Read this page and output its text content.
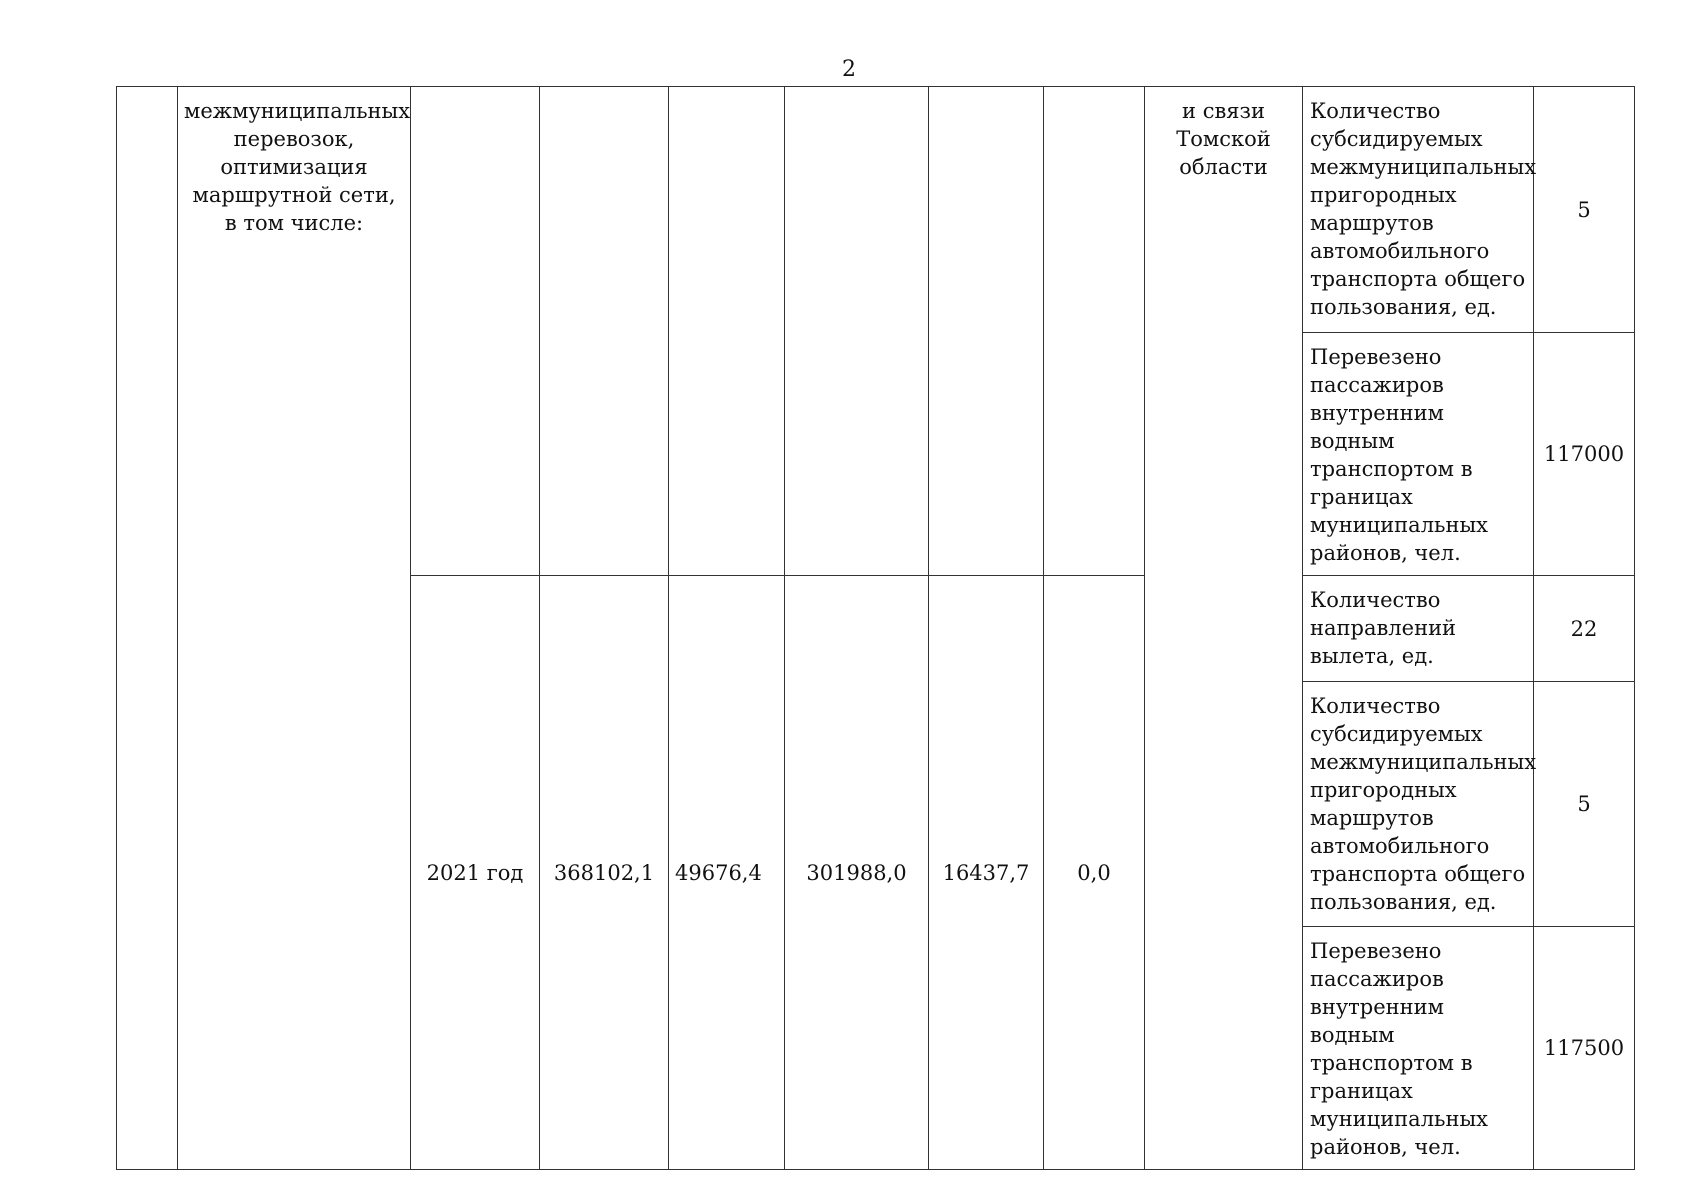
2
	межмуниципальных перевозок, оптимизация маршрутной сети, в том числе:							и связи Томской области	Количество субсидируемых межмуниципальных пригородных маршрутов автомобильного транспорта общего пользования, ед.	5
									Перевезено пассажиров внутренним водным транспортом в границах муниципальных районов, чел.	117000
		2021 год	368102,1	49676,4	301988,0	16437,7	0,0		Количество направлений вылета, ед.	22
									Количество субсидируемых межмуниципальных пригородных маршрутов автомобильного транспорта общего пользования, ед.	5
									Перевезено пассажиров внутренним водным транспортом в границах муниципальных районов, чел.	117500
